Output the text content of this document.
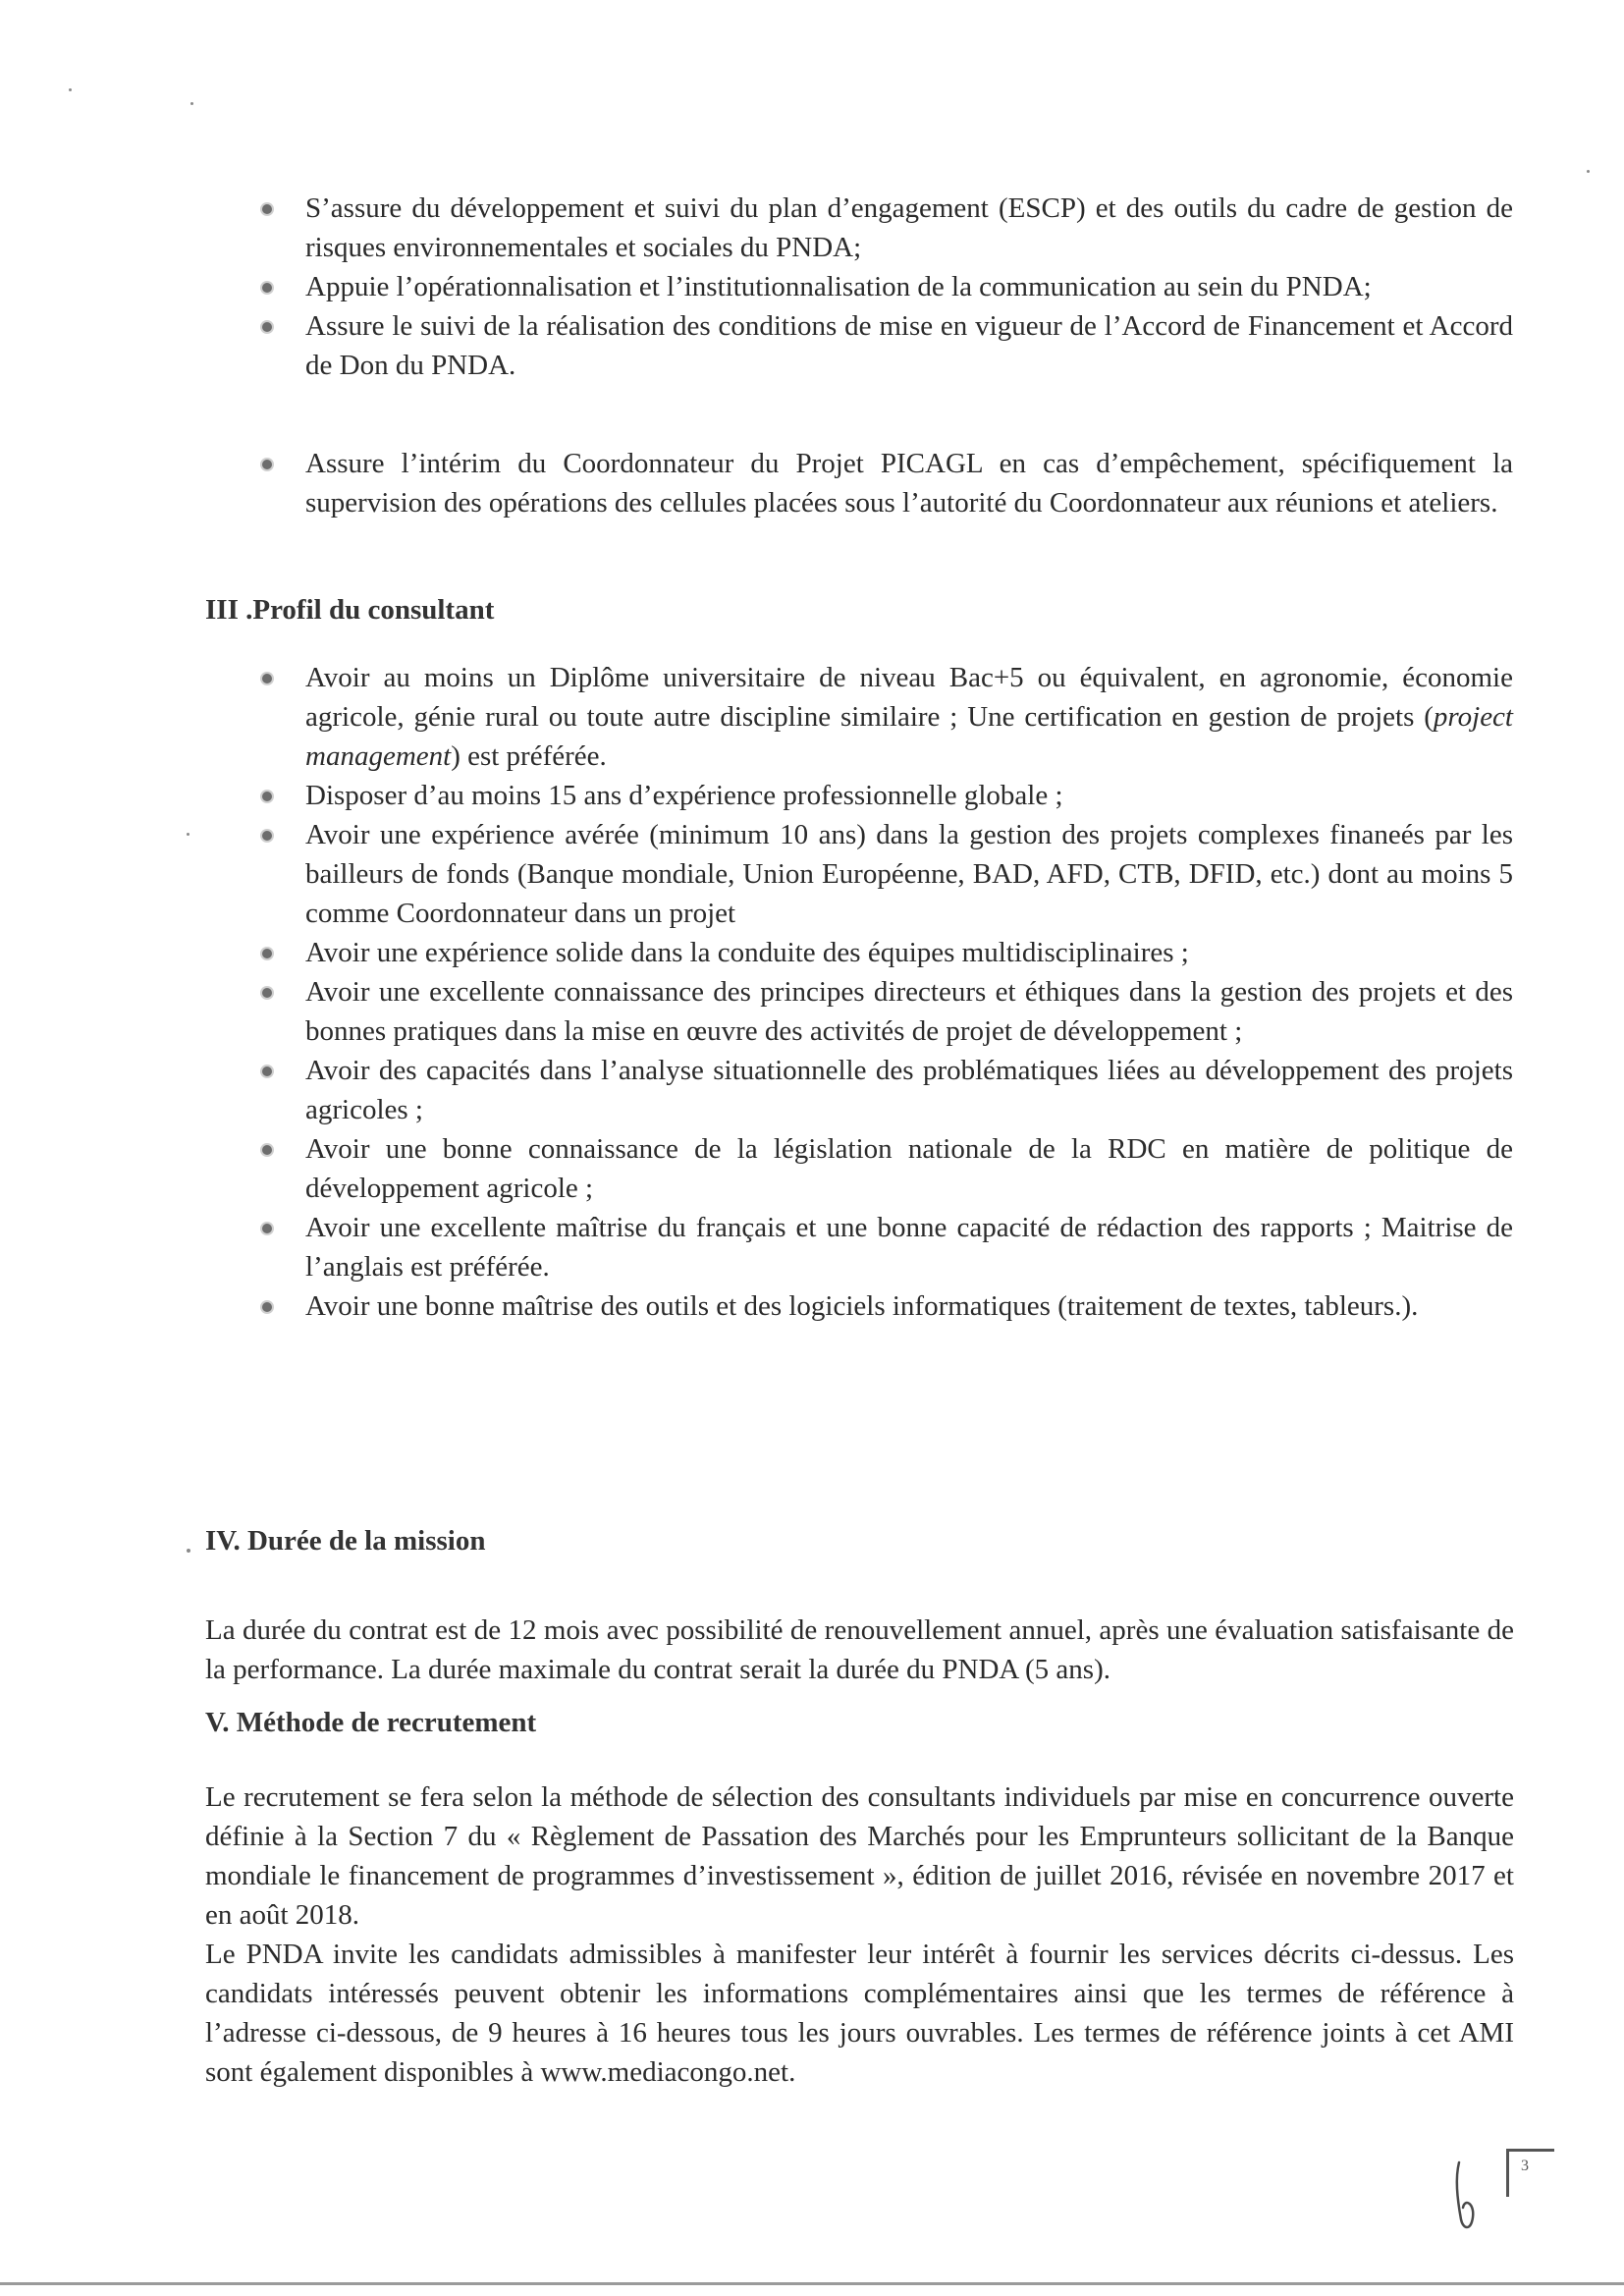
S’assure du développement et suivi du plan d’engagement (ESCP) et des outils du cadre de gestion de risques environnementales et sociales du PNDA;
Appuie l’opérationnalisation et l’institutionnalisation de la communication au sein du PNDA;
Assure le suivi de la réalisation des conditions de mise en vigueur de l’Accord de Financement et Accord de Don du PNDA.
Assure l’intérim du Coordonnateur du Projet PICAGL en cas d’empêchement, spécifiquement la supervision des opérations des cellules placées sous l’autorité du Coordonnateur aux réunions et ateliers.
III .Profil du consultant
Avoir au moins un Diplôme universitaire de niveau Bac+5 ou équivalent, en agronomie, économie agricole, génie rural ou toute autre discipline similaire ; Une certification en gestion de projets (project management) est préférée.
Disposer d’au moins 15 ans d’expérience professionnelle globale ;
Avoir une expérience avérée (minimum 10 ans) dans la gestion des projets complexes finaneés par les bailleurs de fonds (Banque mondiale, Union Européenne, BAD, AFD, CTB, DFID, etc.) dont au moins 5 comme Coordonnateur dans un projet
Avoir une expérience solide dans la conduite des équipes multidisciplinaires ;
Avoir une excellente connaissance des principes directeurs et éthiques dans la gestion des projets et des bonnes pratiques dans la mise en œuvre des activités de projet de développement ;
Avoir des capacités dans l’analyse situationnelle des problématiques liées au développement des projets agricoles ;
Avoir une bonne connaissance de la législation nationale de la RDC en matière de politique de développement agricole ;
Avoir une excellente maîtrise du français et une bonne capacité de rédaction des rapports ; Maitrise de l’anglais est préférée.
Avoir une bonne maîtrise des outils et des logiciels informatiques (traitement de textes, tableurs.).
IV. Durée de la mission

La durée du contrat est de 12 mois avec possibilité de renouvellement annuel, après une évaluation satisfaisante de la performance. La durée maximale du contrat serait la durée du PNDA (5 ans).

V. Méthode de recrutement

Le recrutement se fera selon la méthode de sélection des consultants individuels par mise en concurrence ouverte définie à la Section 7 du « Règlement de Passation des Marchés pour les Emprunteurs sollicitant de la Banque mondiale le financement de programmes d’investissement », édition de juillet 2016, révisée en novembre 2017 et en août 2018.

Le PNDA invite les candidats admissibles à manifester leur intérêt à fournir les services décrits ci-dessus. Les candidats intéressés peuvent obtenir les informations complémentaires ainsi que les termes de référence à l’adresse ci-dessous, de 9 heures à 16 heures tous les jours ouvrables. Les termes de référence joints à cet AMI sont également disponibles à www.mediacongo.net.

3
